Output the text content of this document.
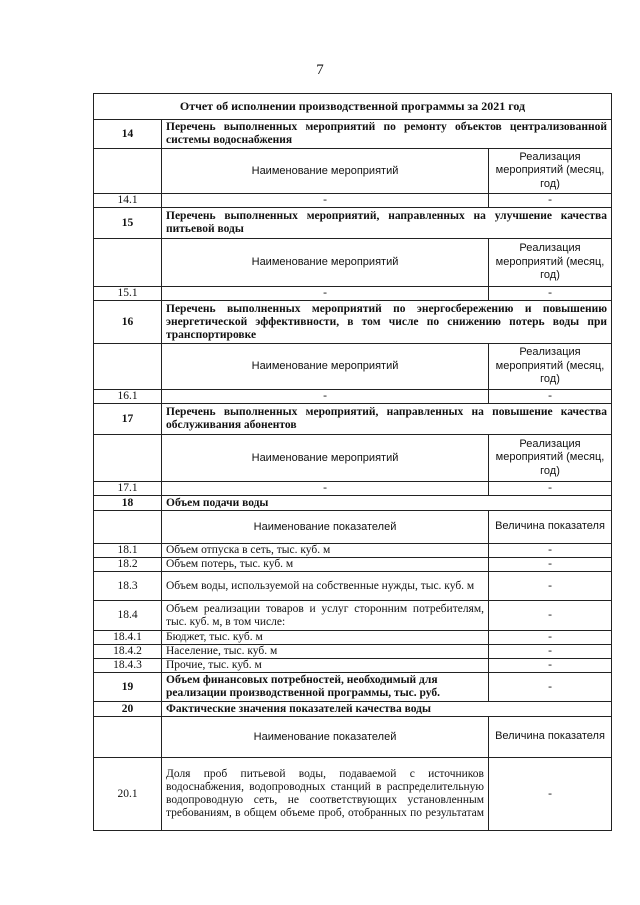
7
Отчет об исполнении производственной программы за 2021 год		
14	Перечень выполненных мероприятий по ремонту объектов централизованной системы водоснабжения	
	Наименование мероприятий	Реализация мероприятий (месяц, год)
14.1	-	-
15	Перечень выполненных мероприятий, направленных на улучшение качества питьевой воды	
	Наименование мероприятий	Реализация мероприятий (месяц, год)
15.1	-	-
16	Перечень выполненных мероприятий по энергосбережению и повышению энергетической эффективности, в том числе по снижению потерь воды при транспортировке	
	Наименование мероприятий	Реализация мероприятий (месяц, год)
16.1	-	-
17	Перечень выполненных мероприятий, направленных на повышение качества обслуживания абонентов	
	Наименование мероприятий	Реализация мероприятий (месяц, год)
17.1	-	-
18	Объем подачи воды	
	Наименование показателей	Величина показателя
18.1	Объем отпуска в сеть, тыс. куб. м	-
18.2	Объем потерь, тыс. куб. м	-
18.3	Объем воды, используемой на собственные нужды, тыс. куб. м	-
18.4	Объем реализации товаров и услуг сторонним потребителям, тыс. куб. м, в том числе:	-
18.4.1	Бюджет, тыс. куб. м	-
18.4.2	Население, тыс. куб. м	-
18.4.3	Прочие, тыс. куб. м	-
19	Объем финансовых потребностей, необходимый для реализации производственной программы, тыс. руб.	-
20	Фактические значения показателей качества воды	
	Наименование показателей	Величина показателя
20.1	Доля проб питьевой воды, подаваемой с источников водоснабжения, водопроводных станций в распределительную водопроводную сеть, не соответствующих установленным требованиям, в общем объеме проб, отобранных по результатам	-
